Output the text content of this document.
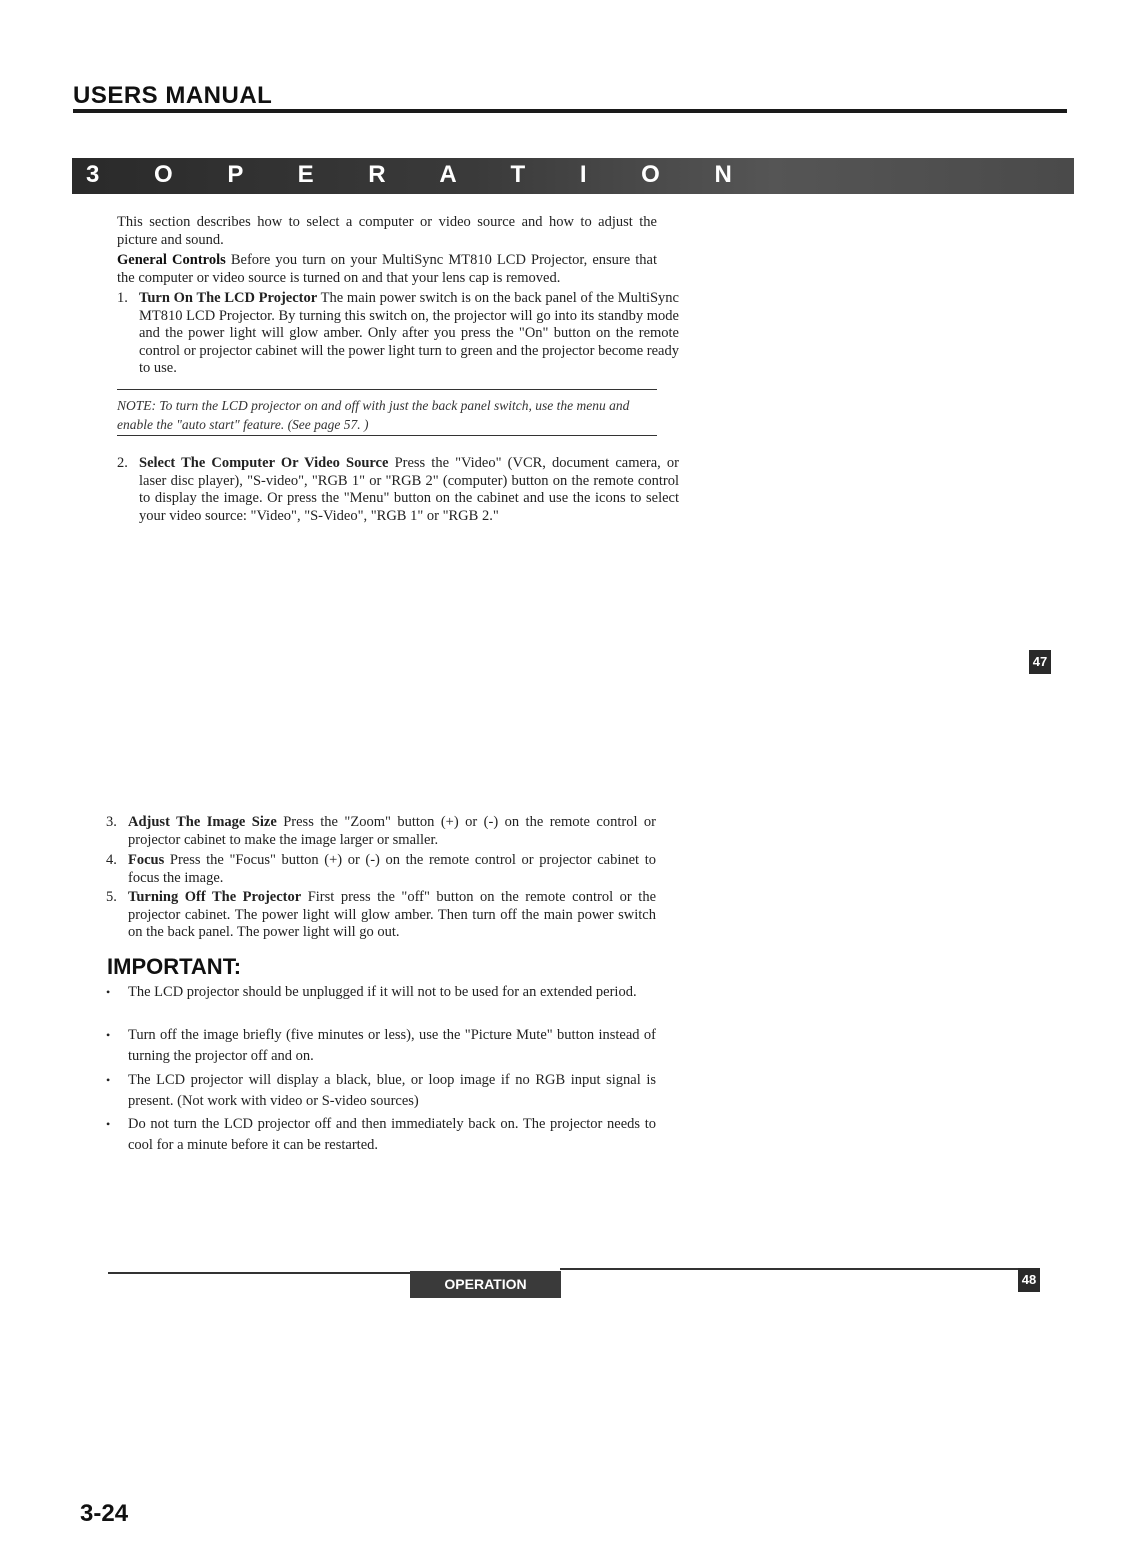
USERS MANUAL
3 O P E R A T I O N
This section describes how to select a computer or video source and how to adjust the picture and sound.
General Controls Before you turn on your MultiSync MT810 LCD Projector, ensure that the computer or video source is turned on and that your lens cap is removed.
1. Turn On The LCD Projector The main power switch is on the back panel of the MultiSync MT810 LCD Projector. By turning this switch on, the projector will go into its standby mode and the power light will glow amber. Only after you press the "On" button on the remote control or projector cabinet will the power light turn to green and the projector become ready to use.
NOTE: To turn the LCD projector on and off with just the back panel switch, use the menu and enable the "auto start" feature. (See page 57. )
2. Select The Computer Or Video Source Press the "Video" (VCR, document camera, or laser disc player), "S-video", "RGB 1" or "RGB 2" (computer) button on the remote control to display the image. Or press the "Menu" button on the cabinet and use the icons to select your video source: "Video", "S-Video", "RGB 1" or "RGB 2."
47
3. Adjust The Image Size Press the "Zoom" button (+) or (-) on the remote control or projector cabinet to make the image larger or smaller.
4. Focus Press the "Focus" button (+) or (-) on the remote control or projector cabinet to focus the image.
5. Turning Off The Projector First press the "off" button on the remote control or the projector cabinet. The power light will glow amber. Then turn off the main power switch on the back panel. The power light will go out.
IMPORTANT:
• The LCD projector should be unplugged if it will not to be used for an extended period.
• Turn off the image briefly (five minutes or less), use the "Picture Mute" button instead of turning the projector off and on.
• The LCD projector will display a black, blue, or loop image if no RGB input signal is present. (Not work with video or S-video sources)
• Do not turn the LCD projector off and then immediately back on. The projector needs to cool for a minute before it can be restarted.
OPERATION	48
3-24
